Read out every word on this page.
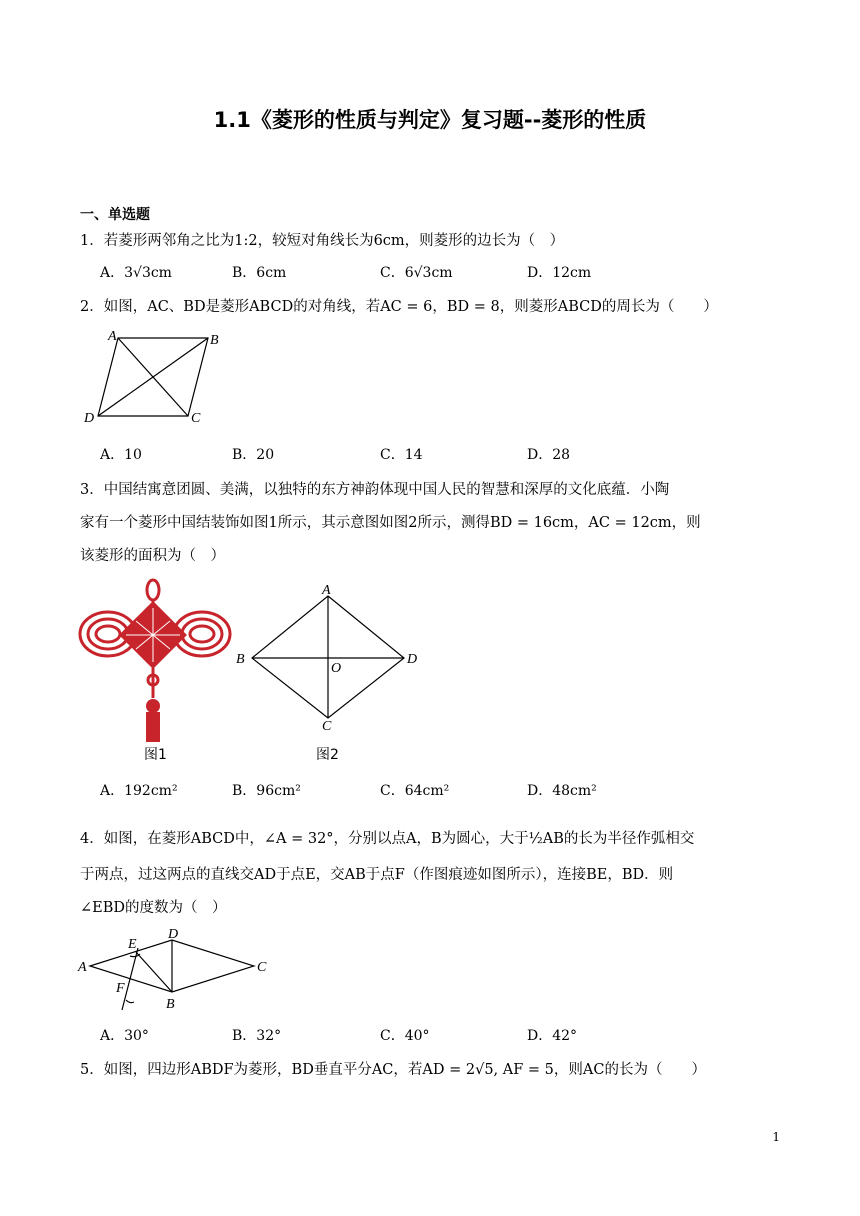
1.1《菱形的性质与判定》复习题--菱形的性质
一、单选题
1．若菱形两邻角之比为1:2，较短对角线长为6cm，则菱形的边长为（　）
A．3√3cm	B．6cm	C．6√3cm	D．12cm
2．如图，AC、BD是菱形ABCD的对角线，若AC = 6，BD = 8，则菱形ABCD的周长为（　　）
A	B
C
D
A．10	B．20	C．14	D．28
3．中国结寓意团圆、美满，以独特的东方神韵体现中国人民的智慧和深厚的文化底蕴．小陶
家有一个菱形中国结装饰如图1所示，其示意图如图2所示，测得BD = 16cm，AC = 12cm，则
该菱形的面积为（　）
图1
A
B
C
D
O
图2
A．192cm²	B．96cm²	C．64cm²	D．48cm²
4．如图，在菱形ABCD中，∠A = 32°，分别以点A，B为圆心，大于½AB的长为半径作弧相交
于两点，过这两点的直线交AD于点E，交AB于点F（作图痕迹如图所示），连接BE，BD．则
∠EBD的度数为（　）
A
B
C
D
E
F
A．30°	B．32°	C．40°	D．42°
5．如图，四边形ABDF为菱形，BD垂直平分AC，若AD = 2√5, AF = 5，则AC的长为（　　）
1
